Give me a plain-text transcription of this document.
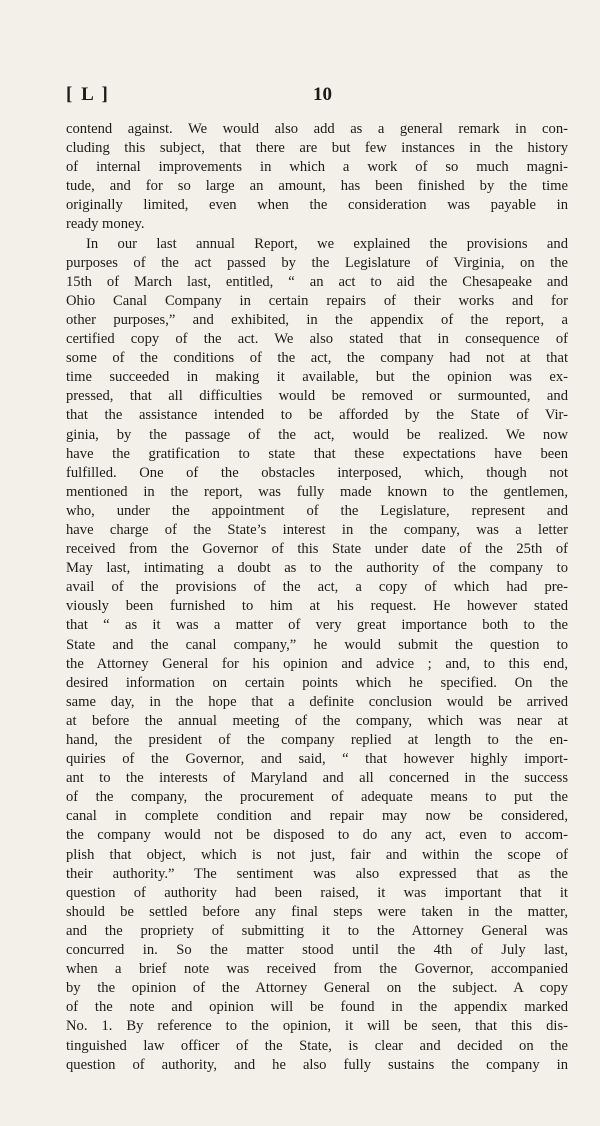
[ L ]	10
contend against. We would also add as a general remark in con-
cluding this subject, that there are but few instances in the history
of internal improvements in which a work of so much magni-
tude, and for so large an amount, has been finished by the time
originally limited, even when the consideration was payable in
ready money.
In our last annual Report, we explained the provisions and
purposes of the act passed by the Legislature of Virginia, on the
15th of March last, entitled, “ an act to aid the Chesapeake and
Ohio Canal Company in certain repairs of their works and for
other purposes,” and exhibited, in the appendix of the report, a
certified copy of the act. We also stated that in consequence of
some of the conditions of the act, the company had not at that
time succeeded in making it available, but the opinion was ex-
pressed, that all difficulties would be removed or surmounted, and
that the assistance intended to be afforded by the State of Vir-
ginia, by the passage of the act, would be realized. We now
have the gratification to state that these expectations have been
fulfilled. One of the obstacles interposed, which, though not
mentioned in the report, was fully made known to the gentlemen,
who, under the appointment of the Legislature, represent and
have charge of the State’s interest in the company, was a letter
received from the Governor of this State under date of the 25th of
May last, intimating a doubt as to the authority of the company to
avail of the provisions of the act, a copy of which had pre-
viously been furnished to him at his request. He however stated
that “ as it was a matter of very great importance both to the
State and the canal company,” he would submit the question to
the Attorney General for his opinion and advice ; and, to this end,
desired information on certain points which he specified. On the
same day, in the hope that a definite conclusion would be arrived
at before the annual meeting of the company, which was near at
hand, the president of the company replied at length to the en-
quiries of the Governor, and said, “ that however highly import-
ant to the interests of Maryland and all concerned in the success
of the company, the procurement of adequate means to put the
canal in complete condition and repair may now be considered,
the company would not be disposed to do any act, even to accom-
plish that object, which is not just, fair and within the scope of
their authority.” The sentiment was also expressed that as the
question of authority had been raised, it was important that it
should be settled before any final steps were taken in the matter,
and the propriety of submitting it to the Attorney General was
concurred in. So the matter stood until the 4th of July last,
when a brief note was received from the Governor, accompanied
by the opinion of the Attorney General on the subject. A copy
of the note and opinion will be found in the appendix marked
No. 1. By reference to the opinion, it will be seen, that this dis-
tinguished law officer of the State, is clear and decided on the
question of authority, and he also fully sustains the company in
